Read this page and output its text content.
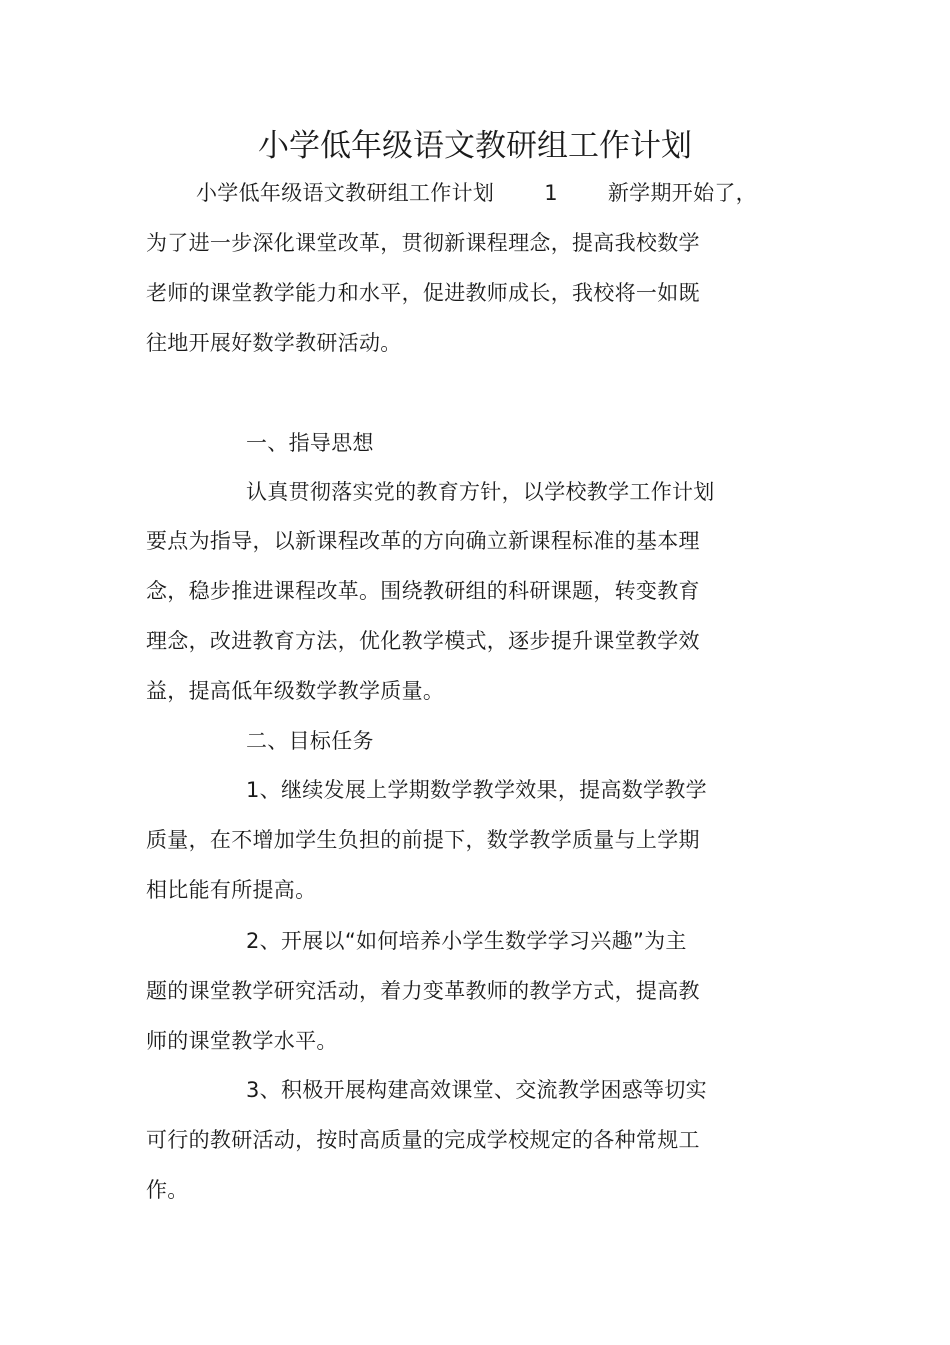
小学低年级语文教研组工作计划
小学低年级语文教研组工作计划 1 新学期开始了，
为了进一步深化课堂改革，贯彻新课程理念，提高我校数学
老师的课堂教学能力和水平，促进教师成长，我校将一如既
往地开展好数学教研活动。
一、指导思想
认真贯彻落实党的教育方针，以学校教学工作计划
要点为指导，以新课程改革的方向确立新课程标准的基本理
念，稳步推进课程改革。围绕教研组的科研课题，转变教育
理念，改进教育方法，优化教学模式，逐步提升课堂教学效
益，提高低年级数学教学质量。
二、目标任务
1、继续发展上学期数学教学效果，提高数学教学
质量，在不增加学生负担的前提下，数学教学质量与上学期
相比能有所提高。
2、开展以“如何培养小学生数学学习兴趣”为主
题的课堂教学研究活动，着力变革教师的教学方式，提高教
师的课堂教学水平。
3、积极开展构建高效课堂、交流教学困惑等切实
可行的教研活动，按时高质量的完成学校规定的各种常规工
作。
